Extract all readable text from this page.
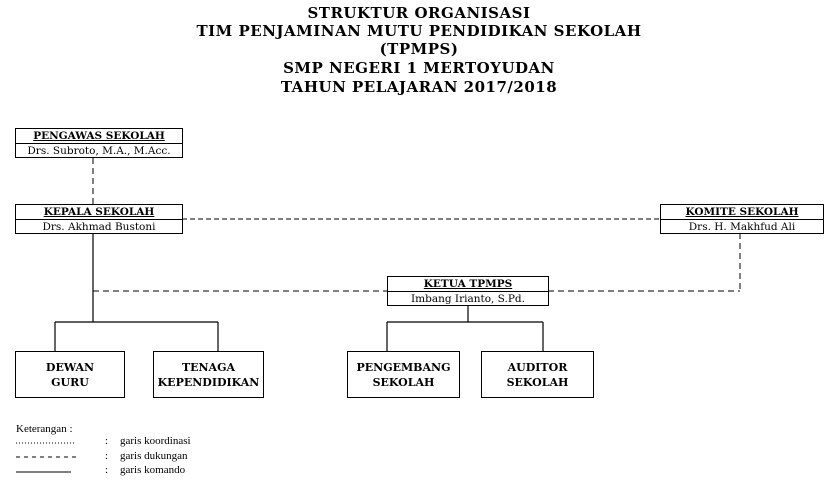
STRUKTUR ORGANISASI
TIM PENJAMINAN MUTU PENDIDIKAN SEKOLAH
(TPMPS)
SMP NEGERI 1 MERTOYUDAN
TAHUN PELAJARAN 2017/2018
PENGAWAS SEKOLAH
Drs. Subroto, M.A., M.Acc.
KEPALA SEKOLAH
Drs. Akhmad Bustoni
KOMITE SEKOLAH
Drs. H. Makhfud Ali
KETUA TPMPS
Imbang Irianto, S.Pd.
DEWAN
GURU
TENAGA
KEPENDIDIKAN
PENGEMBANG
SEKOLAH
AUDITOR
SEKOLAH
Keterangan :
: garis koordinasi
: garis dukungan
: garis komando
